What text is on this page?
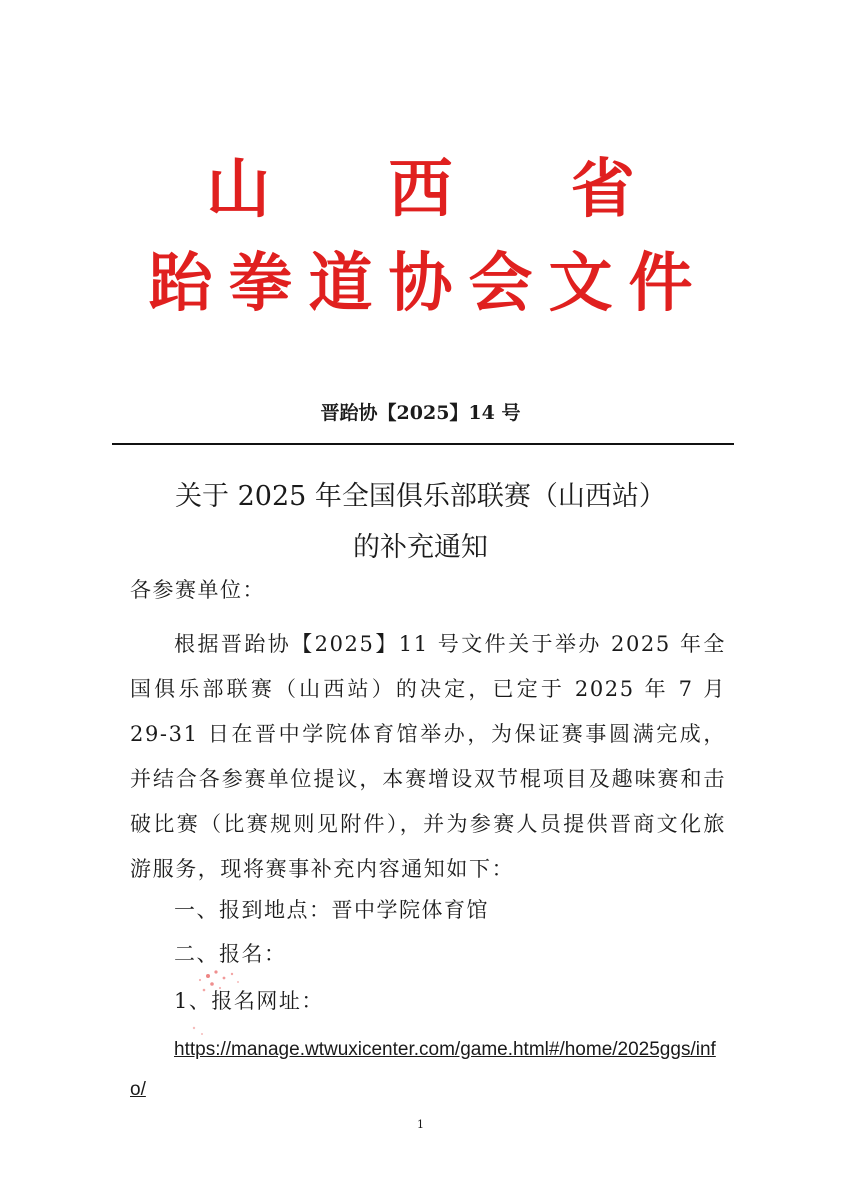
山 西 省
跆拳道协会文件
晋跆协【2025】14 号
关于 2025 年全国俱乐部联赛（山西站）
的补充通知
各参赛单位：
根据晋跆协【2025】11 号文件关于举办 2025 年全国俱乐部联赛（山西站）的决定，已定于 2025 年 7 月 29-31 日在晋中学院体育馆举办，为保证赛事圆满完成，并结合各参赛单位提议，本赛增设双节棍项目及趣味赛和击破比赛（比赛规则见附件），并为参赛人员提供晋商文化旅游服务，现将赛事补充内容通知如下：
一、报到地点：晋中学院体育馆
二、报名：
1、报名网址：
https://manage.wtwuxicenter.com/game.html#/home/2025ggs/inf
o/
1
